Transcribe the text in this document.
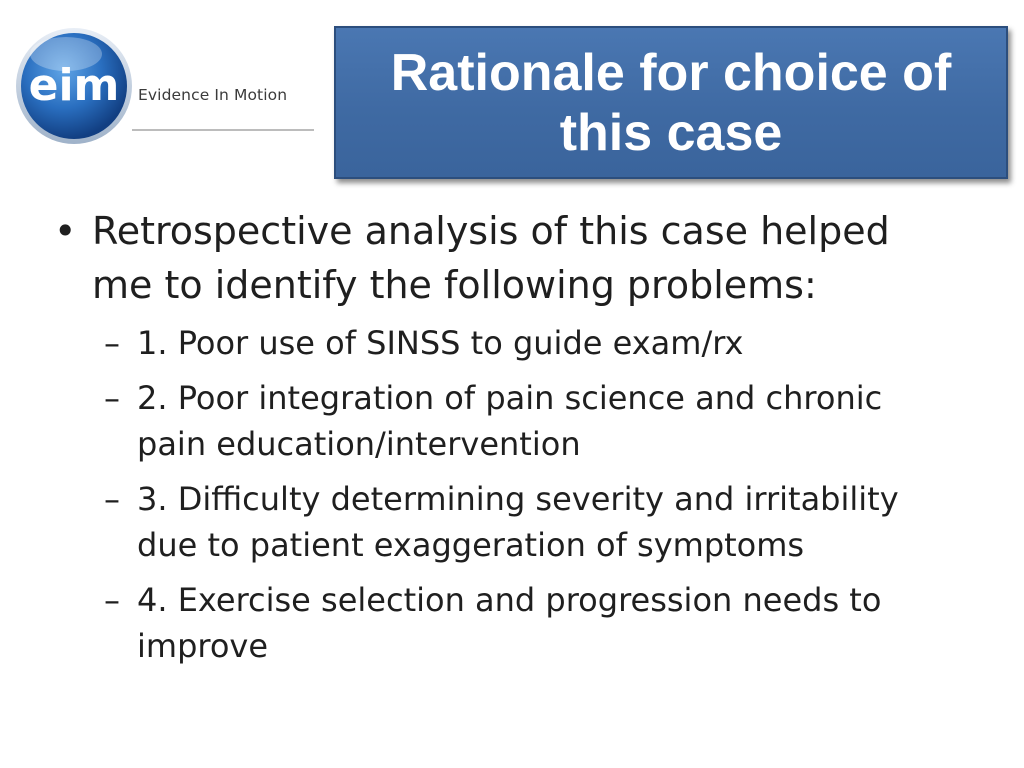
eim Evidence In Motion	Rationale for choice of this case
• Retrospective analysis of this case helped me to identify the following problems:
– 1. Poor use of SINSS to guide exam/rx
– 2. Poor integration of pain science and chronic pain education/intervention
– 3. Difficulty determining severity and irritability due to patient exaggeration of symptoms
– 4. Exercise selection and progression needs to improve
